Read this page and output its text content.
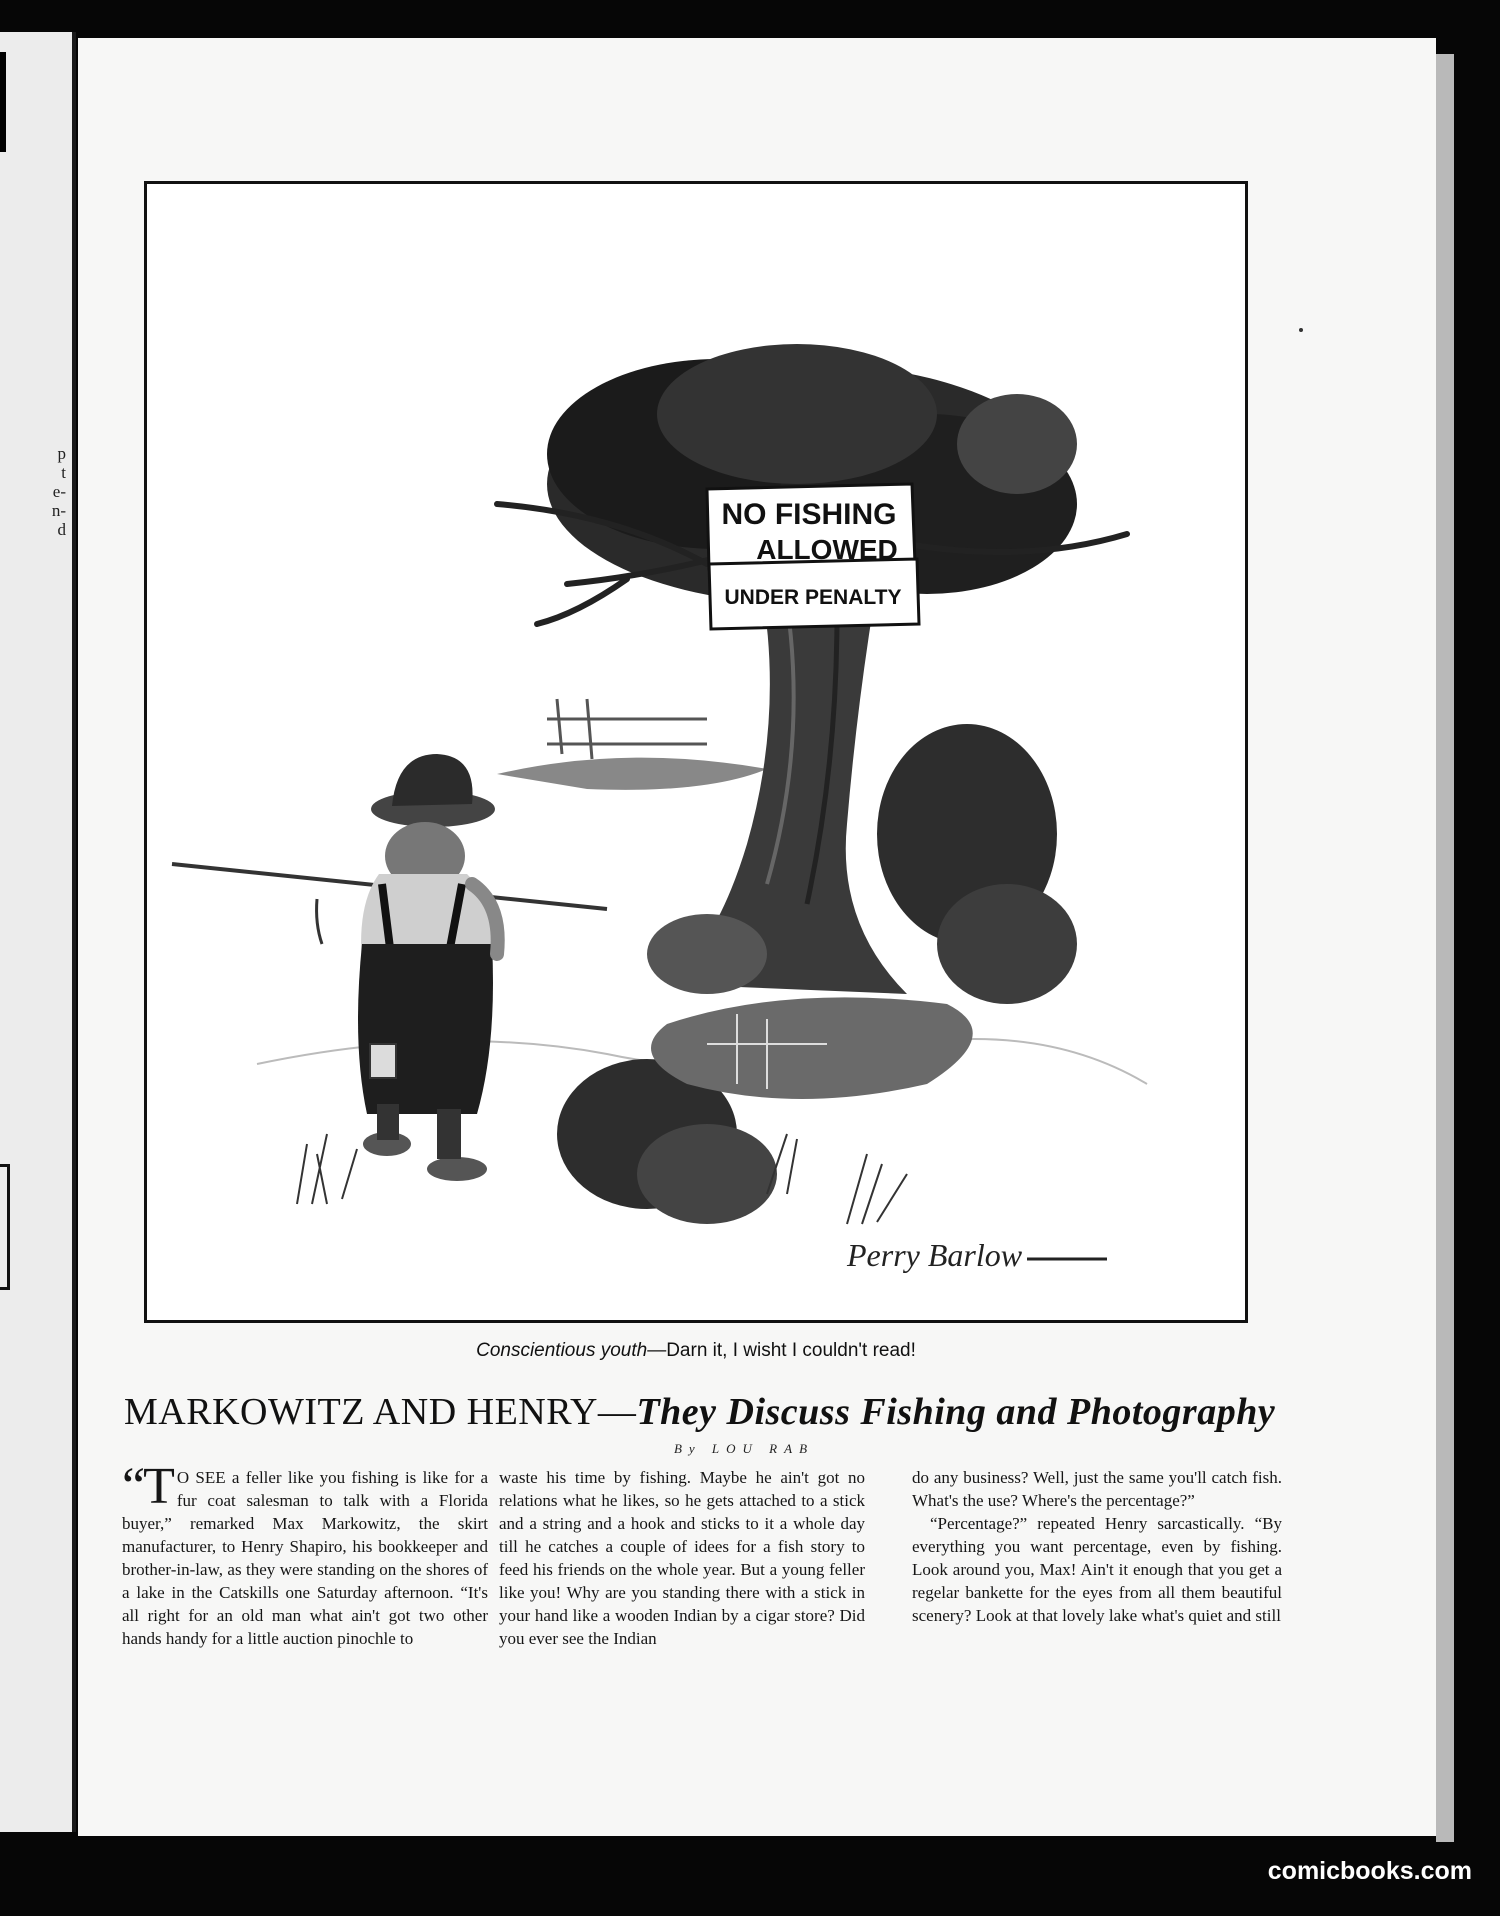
p
t
e-
n-
d	NO FISHING
ALLOWED
UNDER PENALTY
Perry Barlow
Conscientious youth—Darn it, I wisht I couldn't read!
MARKOWITZ AND HENRY—They Discuss Fishing and Photography
By LOU RAB

“T O SEE a feller like you fishing is like for a fur coat salesman to talk with a Florida buyer,” remarked Max Markowitz, the skirt manufacturer, to Henry Shapiro, his bookkeeper and brother-in-law, as they were standing on the shores of a lake in the Catskills one Saturday afternoon. “It's all right for an old man what ain't got two other hands handy for a little auction pinochle to

waste his time by fishing. Maybe he ain't got no relations what he likes, so he gets attached to a stick and a string and a hook and sticks to it a whole day till he catches a couple of idees for a fish story to feed his friends on the whole year. But a young feller like you! Why are you standing there with a stick in your hand like a wooden Indian by a cigar store? Did you ever see the Indian

do any business? Well, just the same you'll catch fish. What's the use? Where's the percentage?”

“Percentage?” repeated Henry sarcastically. “By everything you want percentage, even by fishing. Look around you, Max! Ain't it enough that you get a regelar bankette for the eyes from all them beautiful scenery? Look at that lovely lake what's quiet and still

comicbooks.com
